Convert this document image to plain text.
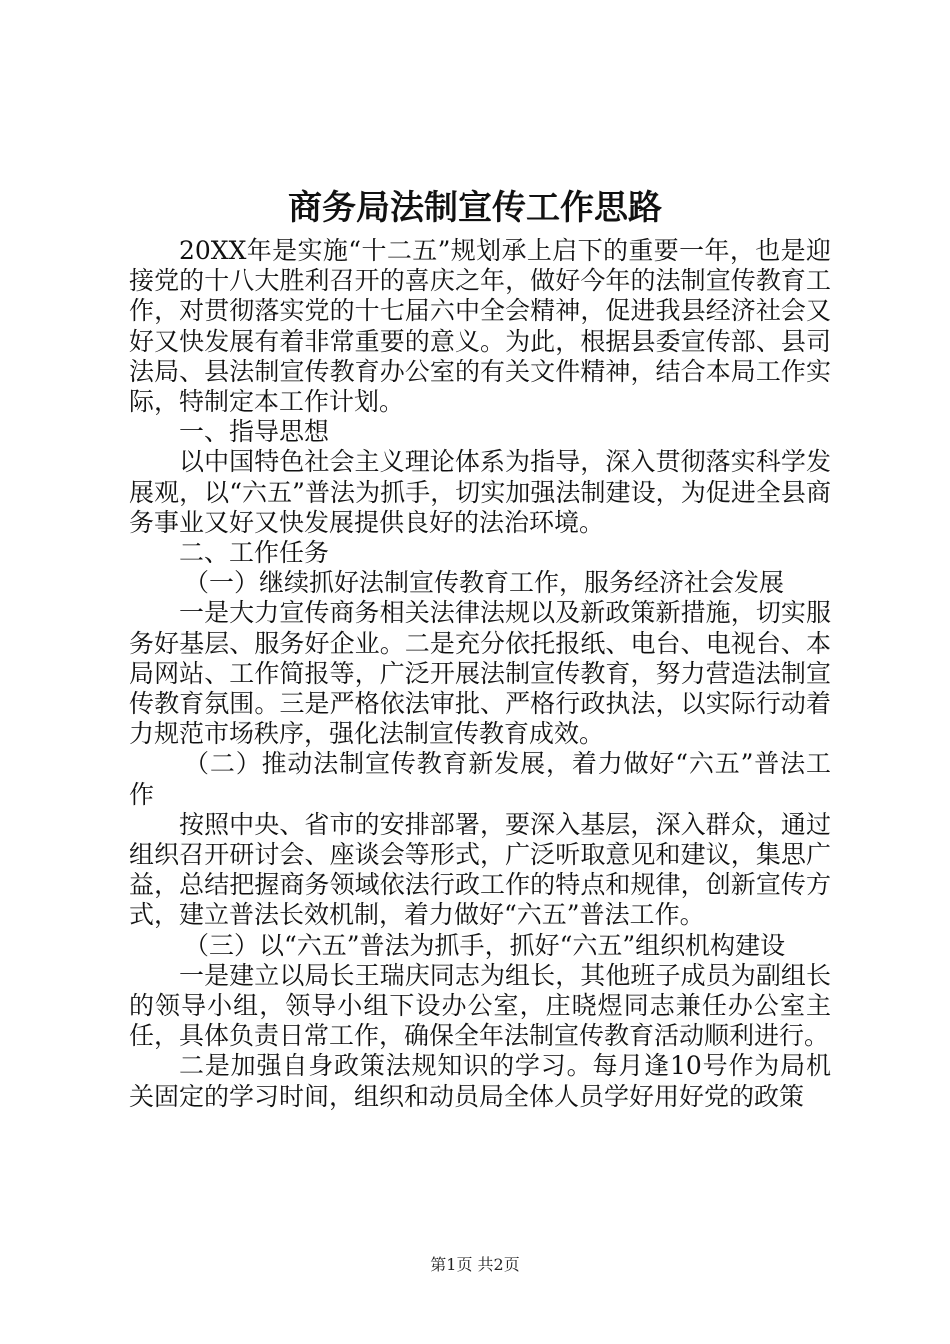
商务局法制宣传工作思路

20XX年是实施“十二五”规划承上启下的重要一年，也是迎接党的十八大胜利召开的喜庆之年，做好今年的法制宣传教育工作，对贯彻落实党的十七届六中全会精神，促进我县经济社会又好又快发展有着非常重要的意义。为此，根据县委宣传部、县司法局、县法制宣传教育办公室的有关文件精神，结合本局工作实际，特制定本工作计划。

一、指导思想

以中国特色社会主义理论体系为指导，深入贯彻落实科学发展观，以“六五”普法为抓手，切实加强法制建设，为促进全县商务事业又好又快发展提供良好的法治环境。

二、工作任务

（一）继续抓好法制宣传教育工作，服务经济社会发展

一是大力宣传商务相关法律法规以及新政策新措施，切实服务好基层、服务好企业。二是充分依托报纸、电台、电视台、本局网站、工作简报等，广泛开展法制宣传教育，努力营造法制宣传教育氛围。三是严格依法审批、严格行政执法，以实际行动着力规范市场秩序，强化法制宣传教育成效。

（二）推动法制宣传教育新发展，着力做好“六五”普法工作

按照中央、省市的安排部署，要深入基层，深入群众，通过组织召开研讨会、座谈会等形式，广泛听取意见和建议，集思广益，总结把握商务领域依法行政工作的特点和规律，创新宣传方式，建立普法长效机制，着力做好“六五”普法工作。

（三）以“六五”普法为抓手，抓好“六五”组织机构建设

一是建立以局长王瑞庆同志为组长，其他班子成员为副组长的领导小组，领导小组下设办公室，庄晓煜同志兼任办公室主任，具体负责日常工作，确保全年法制宣传教育活动顺利进行。

二是加强自身政策法规知识的学习。每月逢10号作为局机关固定的学习时间，组织和动员局全体人员学好用好党的政策

第1页 共2页
